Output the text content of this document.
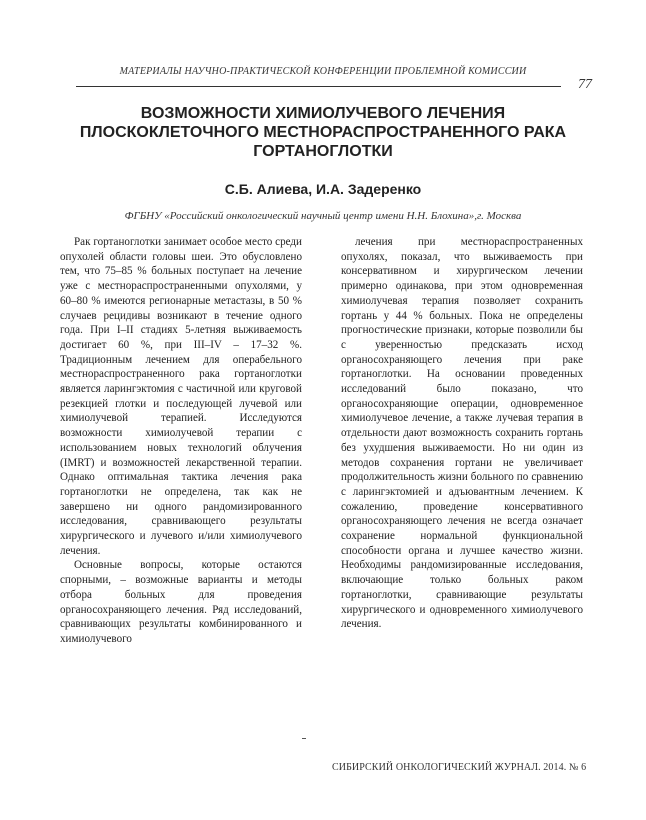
МАТЕРИАЛЫ НАУЧНО-ПРАКТИЧЕСКОЙ КОНФЕРЕНЦИИ ПРОБЛЕМНОЙ КОМИССИИ
77
ВОЗМОЖНОСТИ ХИМИОЛУЧЕВОГО ЛЕЧЕНИЯ ПЛОСКОКЛЕТОЧНОГО МЕСТНОРАСПРОСТРАНЕННОГО РАКА ГОРТАНОГЛОТКИ
С.Б. Алиева, И.А. Задеренко
ФГБНУ «Российский онкологический научный центр имени Н.Н. Блохина»,г. Москва

Рак гортаноглотки занимает особое место среди опухолей области головы шеи. Это обусловлено тем, что 75–85 % больных поступает на лечение уже с местнораспространенными опухолями, у 60–80 % имеются регионарные метастазы, в 50 % случаев рецидивы возникают в течение одного года. При I–II стадиях 5-летняя выживаемость достигает 60 %, при III–IV – 17–32 %. Традиционным лечением для операбельного местнораспространенного рака гортаноглотки является ларингэктомия с частичной или круговой резекцией глотки и последующей лучевой или химиолучевой терапией. Исследуются возможности химиолучевой терапии с использованием новых технологий облучения (IMRT) и возможностей лекарственной терапии. Однако оптимальная тактика лечения рака гортаноглотки не определена, так как не завершено ни одного рандомизированного исследования, сравнивающего результаты хирургического и лучевого и/или химиолучевого лечения.

Основные вопросы, которые остаются спорными, – возможные варианты и методы отбора больных для проведения органосохраняющего лечения. Ряд исследований, сравнивающих результаты комбинированного и химиолучевого

лечения при местнораспространенных опухолях, показал, что выживаемость при консервативном и хирургическом лечении примерно одинакова, при этом одновременная химиолучевая терапия позволяет сохранить гортань у 44 % больных. Пока не определены прогностические признаки, которые позволили бы с уверенностью предсказать исход органосохраняющего лечения при раке гортаноглотки. На основании проведенных исследований было показано, что органосохраняющие операции, одновременное химиолучевое лечение, а также лучевая терапия в отдельности дают возможность сохранить гортань без ухудшения выживаемости. Но ни один из методов сохранения гортани не увеличивает продолжительность жизни больного по сравнению с ларингэктомией и адъювантным лечением. К сожалению, проведение консервативного органосохраняющего лечения не всегда означает сохранение нормальной функциональной способности органа и лучшее качество жизни. Необходимы рандомизированные исследования, включающие только больных раком гортаноглотки, сравнивающие результаты хирургического и одновременного химиолучевого лечения.

СИБИРСКИЙ ОНКОЛОГИЧЕСКИЙ ЖУРНАЛ. 2014. № 6
